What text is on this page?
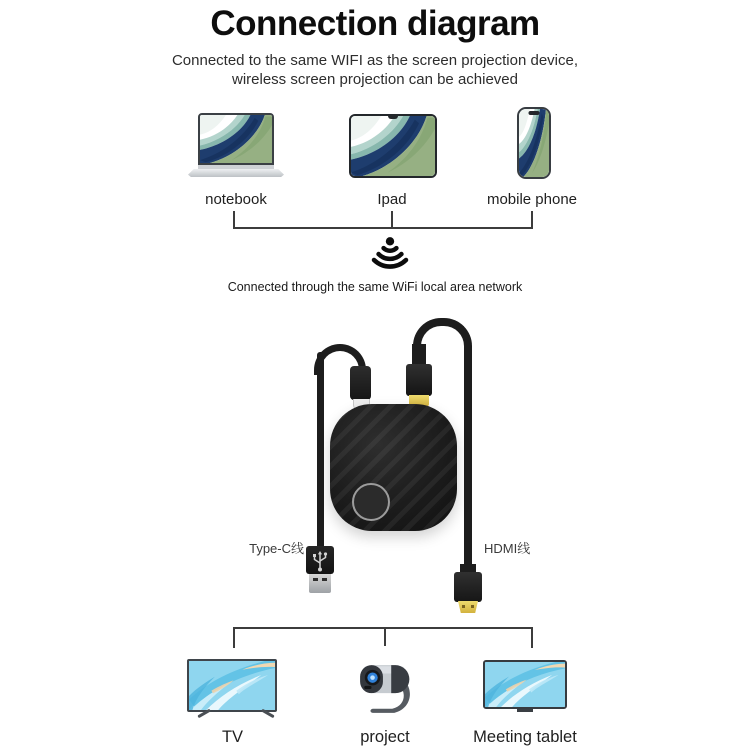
Connection diagram
Connected to the same WIFI as the screen projection device,
wireless screen projection can be achieved
notebook	Ipad	mobile phone
Connected through the same WiFi local area network
Type-C线	HDMI线
TV	project	Meeting tablet
